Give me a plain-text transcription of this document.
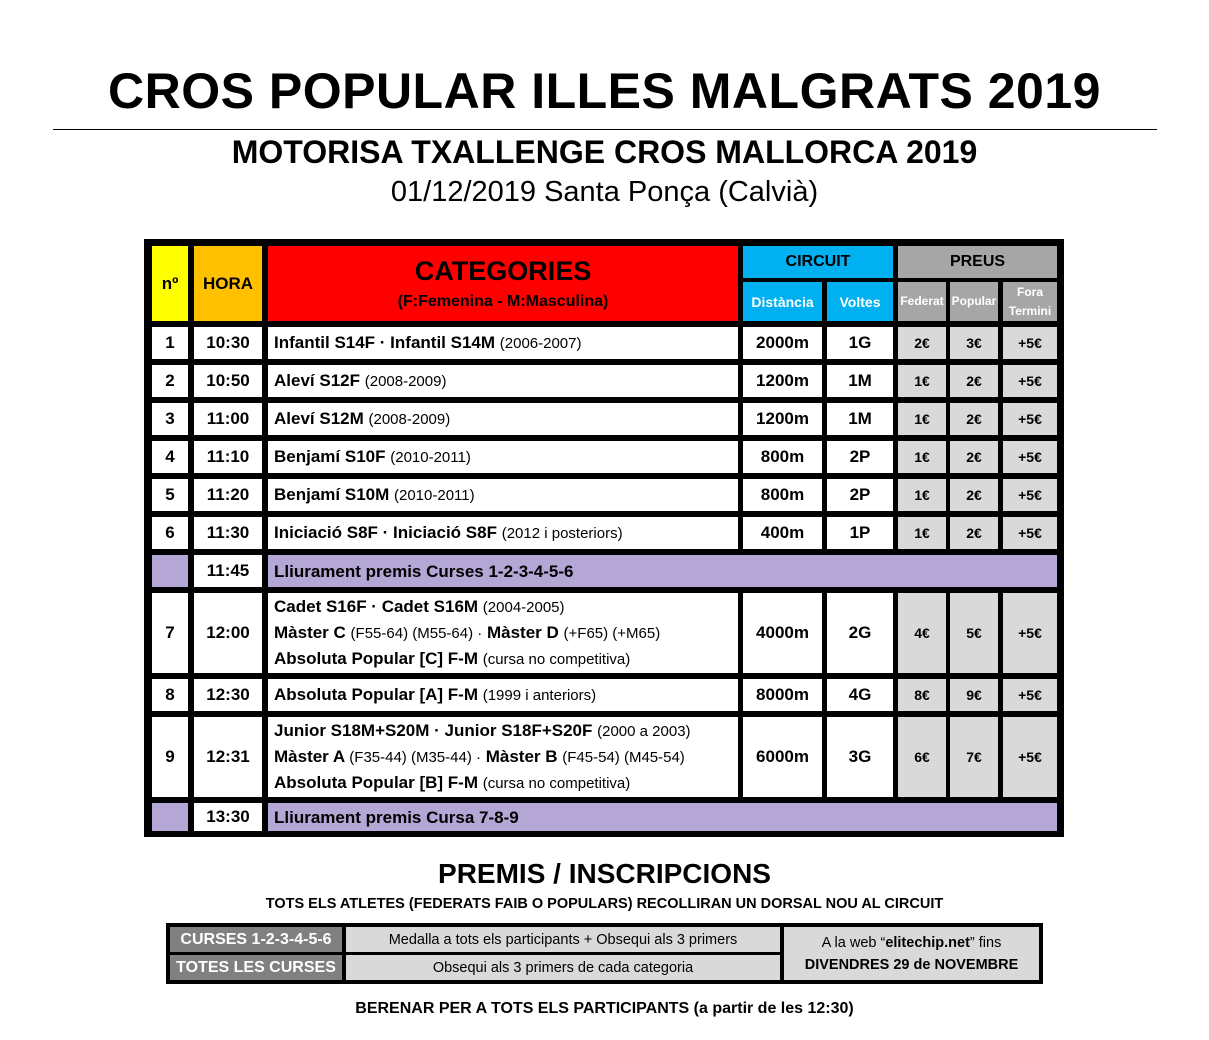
CROS POPULAR ILLES MALGRATS 2019
MOTORISA TXALLENGE CROS MALLORCA 2019
01/12/2019 Santa Ponça (Calvià)
nº	HORA	CATEGORIES
(F:Femenina - M:Masculina)
CIRCUIT
Distància	Voltes
PREUS
Federat Popular
Fora
Termini
1	10:30	Infantil S14F · Infantil S14M (2006-2007)	2000m	1G	2€	3€	+5€
2	10:50	Aleví S12F (2008-2009)	1200m	1M	1€	2€	+5€
3	11:00	Aleví S12M (2008-2009)	1200m	1M	1€	2€	+5€
4	11:10	Benjamí S10F (2010-2011)	800m	2P	1€	2€	+5€
5	11:20	Benjamí S10M (2010-2011)	800m	2P	1€	2€	+5€
6	11:30	Iniciació S8F · Iniciació S8F (2012 i posteriors)	400m	1P	1€	2€	+5€
11:45	Lliurament premis Curses 1-2-3-4-5-6
7	12:00
Cadet S16F · Cadet S16M (2004-2005)
Màster C (F55-64) (M55-64) · Màster D (+F65) (+M65)
Absoluta Popular [C] F-M (cursa no competitiva)
4000m	2G	4€	5€	+5€
8	12:30	Absoluta Popular [A] F-M (1999 i anteriors)	8000m	4G	8€	9€	+5€
9	12:31
Junior S18M+S20M · Junior S18F+S20F (2000 a 2003)
Màster A (F35-44) (M35-44) · Màster B (F45-54) (M45-54)
Absoluta Popular [B] F-M (cursa no competitiva)
6000m	3G	6€	7€	+5€
13:30	Lliurament premis Cursa 7-8-9
PREMIS / INSCRIPCIONS
TOTS ELS ATLETES (FEDERATS FAIB O POPULARS) RECOLLIRAN UN DORSAL NOU AL CIRCUIT
CURSES 1-2-3-4-5-6	Medalla a tots els participants + Obsequi als 3 primers
TOTES LES CURSES	Obsequi als 3 primers de cada categoria
A la web “elitechip.net” fins
DIVENDRES 29 de NOVEMBRE
BERENAR PER A TOTS ELS PARTICIPANTS (a partir de les 12:30)
